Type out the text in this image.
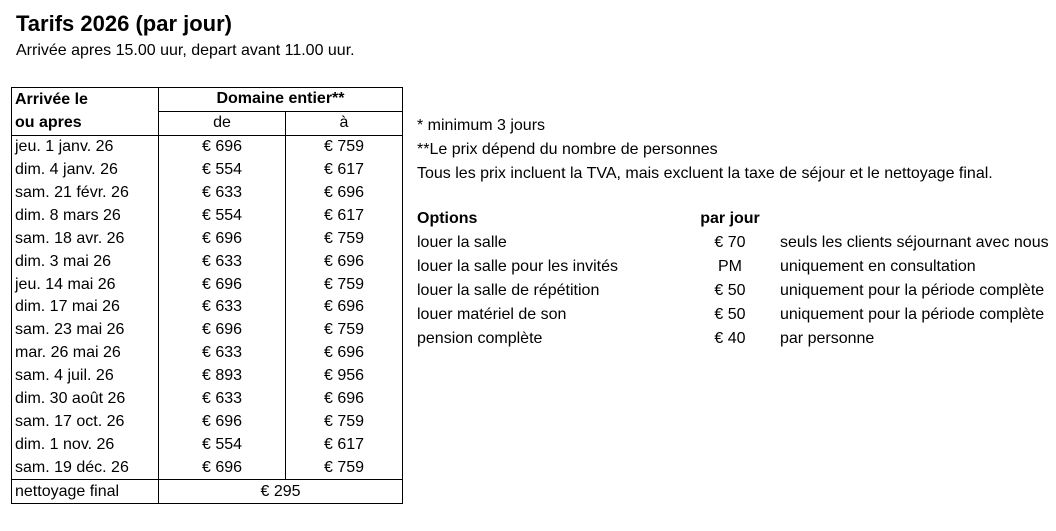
Tarifs 2026 (par jour)
Arrivée apres 15.00 uur, depart avant 11.00 uur.
Arrivée le	Domaine entier**	
ou apres	de	à
jeu. 1 janv. 26	€ 696	€ 759
dim. 4 janv. 26	€ 554	€ 617
sam. 21 févr. 26	€ 633	€ 696
dim. 8 mars 26	€ 554	€ 617
sam. 18 avr. 26	€ 696	€ 759
dim. 3 mai 26	€ 633	€ 696
jeu. 14 mai 26	€ 696	€ 759
dim. 17 mai 26	€ 633	€ 696
sam. 23 mai 26	€ 696	€ 759
mar. 26 mai 26	€ 633	€ 696
sam. 4 juil. 26	€ 893	€ 956
dim. 30 août 26	€ 633	€ 696
sam. 17 oct. 26	€ 696	€ 759
dim. 1 nov. 26	€ 554	€ 617
sam. 19 déc. 26	€ 696	€ 759
nettoyage final	€ 295	
* minimum 3 jours
**Le prix dépend du nombre de personnes
Tous les prix incluent la TVA, mais excluent la taxe de séjour et le nettoyage final.
Options	par jour	
louer la salle	€ 70	seuls les clients séjournant avec nous
louer la salle pour les invités	PM	uniquement en consultation
louer la salle de répétition	€ 50	uniquement pour la période complète
louer matériel de son	€ 50	uniquement pour la période complète
pension complète	€ 40	par personne
